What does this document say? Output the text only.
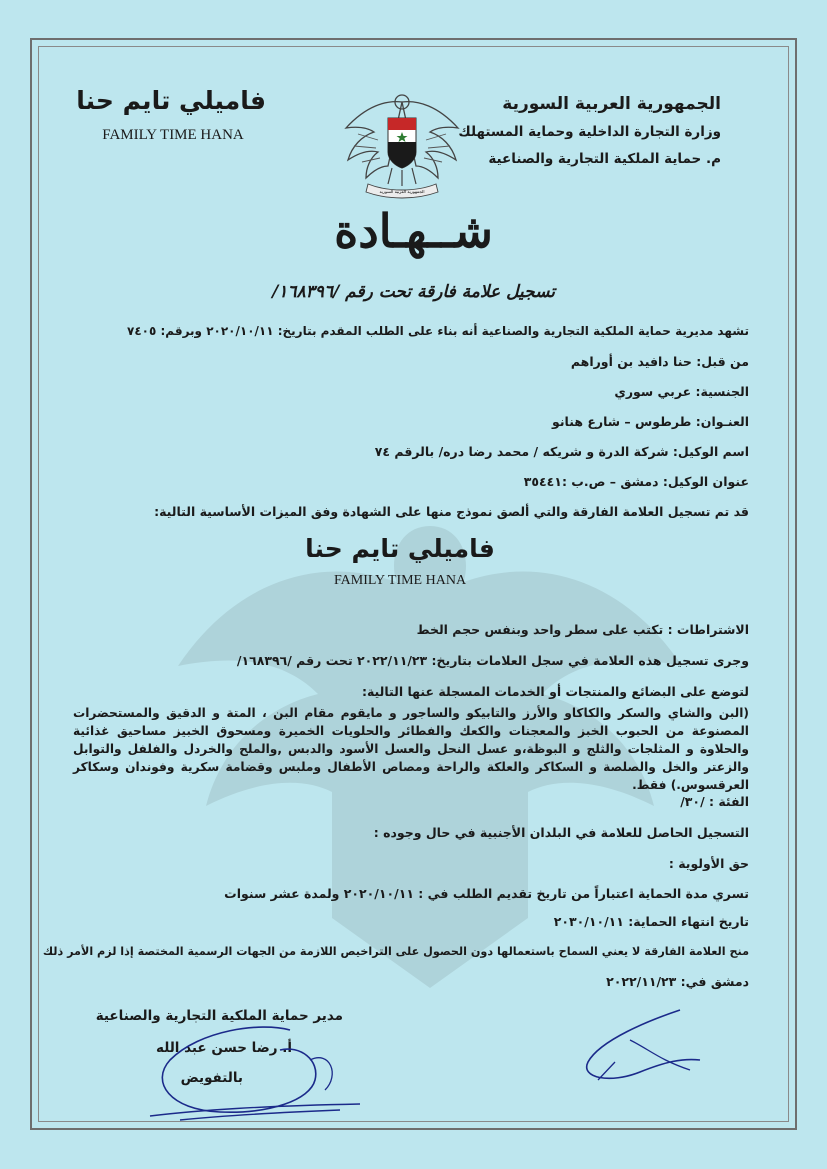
الجمهورية العربية السورية
وزارة التجارة الداخلية وحماية المستهلك
م. حماية الملكية التجارية والصناعية
فاميلي تايم حنا
FAMILY TIME HANA
الجمهورية العربية السورية
شــهـادة
تسجيل علامة فارقة تحت رقم /١٦٨٣٩٦/
تشهد مديرية حماية الملكية التجارية والصناعية أنه بناء على الطلب المقدم بتاريخ: ٢٠٢٠/١٠/١١ وبرقم: ٧٤٠٥
من قبل: حنا دافيد بن أوراهم
الجنسية: عربي سوري
العنـوان: طرطوس – شارع هنانو
اسم الوكيل: شركة الدرة و شريكه / محمد رضا دره/ بالرقم ٧٤
عنوان الوكيل: دمشق – ص.ب :٣٥٤٤١
قد تم تسجيل العلامة الفارقة والتي ألصق نموذج منها على الشهادة وفق الميزات الأساسية التالية:
فاميلي تايم حنا
FAMILY TIME HANA
الاشتراطات : تكتب على سطر واحد وبنفس حجم الخط
وجرى تسجيل هذه العلامة في سجل العلامات بتاريخ: ٢٠٢٢/١١/٢٣ تحت رقم /١٦٨٣٩٦/
لتوضع على البضائع والمنتجات أو الخدمات المسجلة عنها التالية:
(البن والشاي والسكر والكاكاو والأرز والتابيكو والساجور و مايقوم مقام البن ، المتة و الدقيق والمستحضرات المصنوعة من الحبوب الخبز والمعجنات والكعك والفطائر والحلويات الخميرة ومسحوق الخبيز مساحيق غذائية والحلاوة و المثلجات والثلج و البوظة،و عسل النحل والعسل الأسود والدبس ,والملح والخردل والفلفل والتوابل والزعتر والخل والصلصة و السكاكر والعلكة والراحة ومصاص الأطفال وملبس وقضامة سكرية وفوندان وسكاكر العرقسوس.) فقط.
الفئة : /٣٠/
التسجيل الحاصل للعلامة في البلدان الأجنبية في حال وجوده :
حق الأولوية :
تسري مدة الحماية اعتباراً من تاريخ تقديم الطلب في : ٢٠٢٠/١٠/١١ ولمدة عشر سنوات
تاريخ انتهاء الحماية: ٢٠٣٠/١٠/١١
منح العلامة الفارقة لا يعني السماح باستعمالها دون الحصول على التراخيص اللازمة من الجهات الرسمية المختصة إذا لزم الأمر ذلك
دمشق في: ٢٠٢٢/١١/٢٣
مدير حماية الملكية التجارية والصناعية
أ. رضا حسن عبد الله
بالتفويض
